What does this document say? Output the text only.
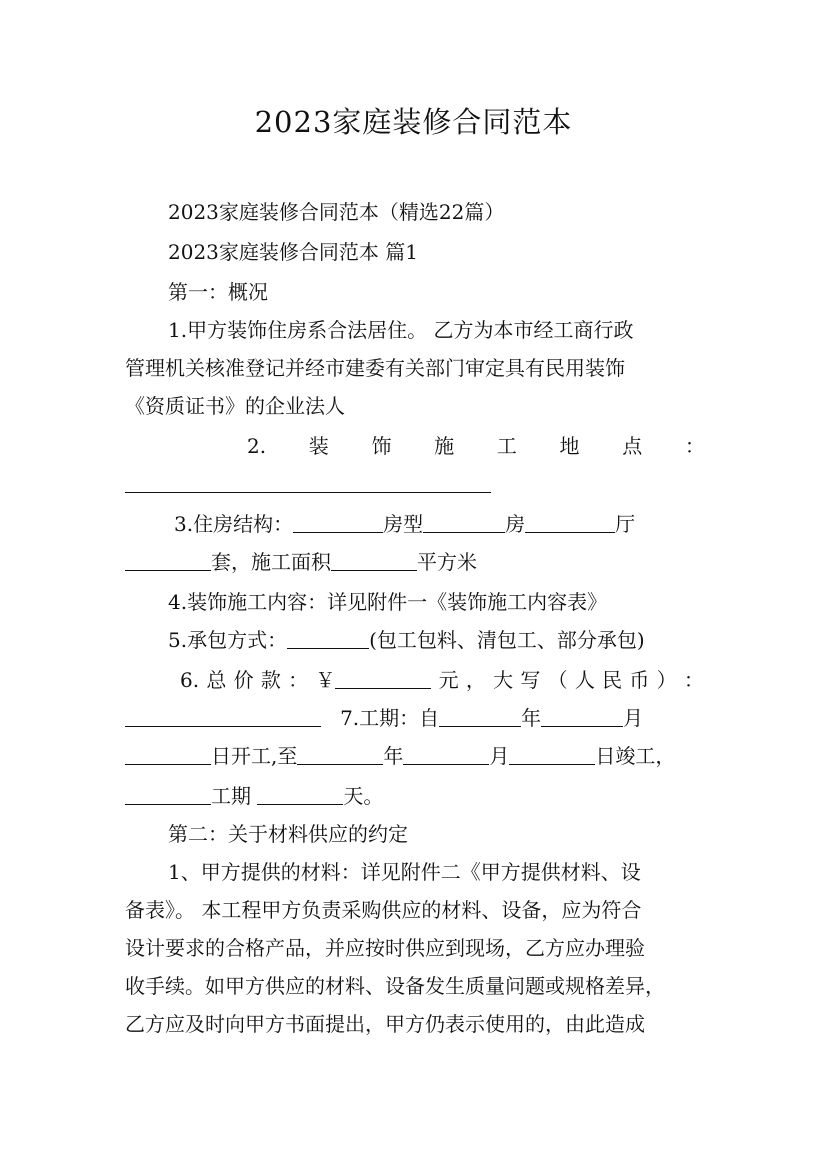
2023家庭装修合同范本
2023家庭装修合同范本（精选22篇）
2023家庭装修合同范本 篇1
第一：概况
1.甲方装饰住房系合法居住。 乙方为本市经工商行政
管理机关核准登记并经市建委有关部门审定具有民用装饰
《资质证书》的企业法人
2. 装 饰 施 工 地 点 ：
3.住房结构：	房型	房	厅
套，施工面积	平方米
4.装饰施工内容：详见附件一《装饰施工内容表》
5.承包方式：	(包工包料、清包工、部分承包)
6. 总 价 款 ： ￥	元 ， 大 写 （ 人 民 币 ） ：
7.工期：自	年	月
日开工,至	年	月	日竣工，
工期	天。
第二：关于材料供应的约定
1、甲方提供的材料：详见附件二《甲方提供材料、设
备表》。 本工程甲方负责采购供应的材料、设备，应为符合
设计要求的合格产品，并应按时供应到现场，乙方应办理验
收手续。如甲方供应的材料、设备发生质量问题或规格差异，
乙方应及时向甲方书面提出，甲方仍表示使用的，由此造成
